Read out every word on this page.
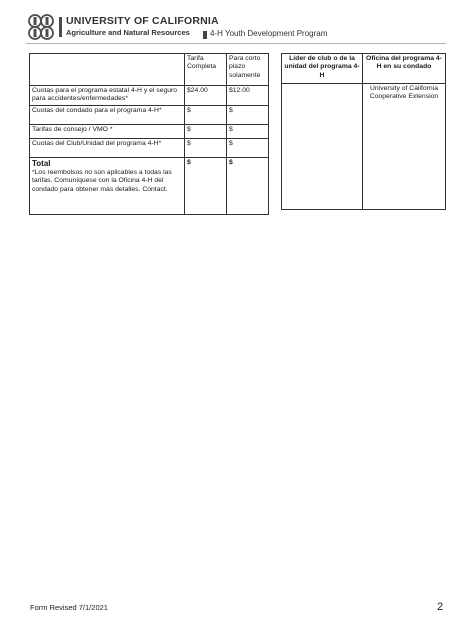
UNIVERSITY OF CALIFORNIA
Agriculture and Natural Resources	4-H Youth Development Program
	Tarifa Completa	Para corto plazo solamente
Cuotas para el programa estatal 4-H y el seguro para accidentes/enfermedades*	$24.00	$12.00
Cuotas del condado para el programa 4-H*	$	$
Tarifas de consejo / VMO *	$	$
Cuotas del Club/Unidad del programa 4-H*	$	$

Total
*Los reembolsos no son aplicables a todas las tarifas. Comuníquese con la Oficina 4-H del condado para obtener más detalles. Contact.	$	$
Líder de club o de la unidad del programa 4-H	Oficina del programa 4-H en su condado
	University of California Cooperative Extension
Form Revised 7/1/2021	2
